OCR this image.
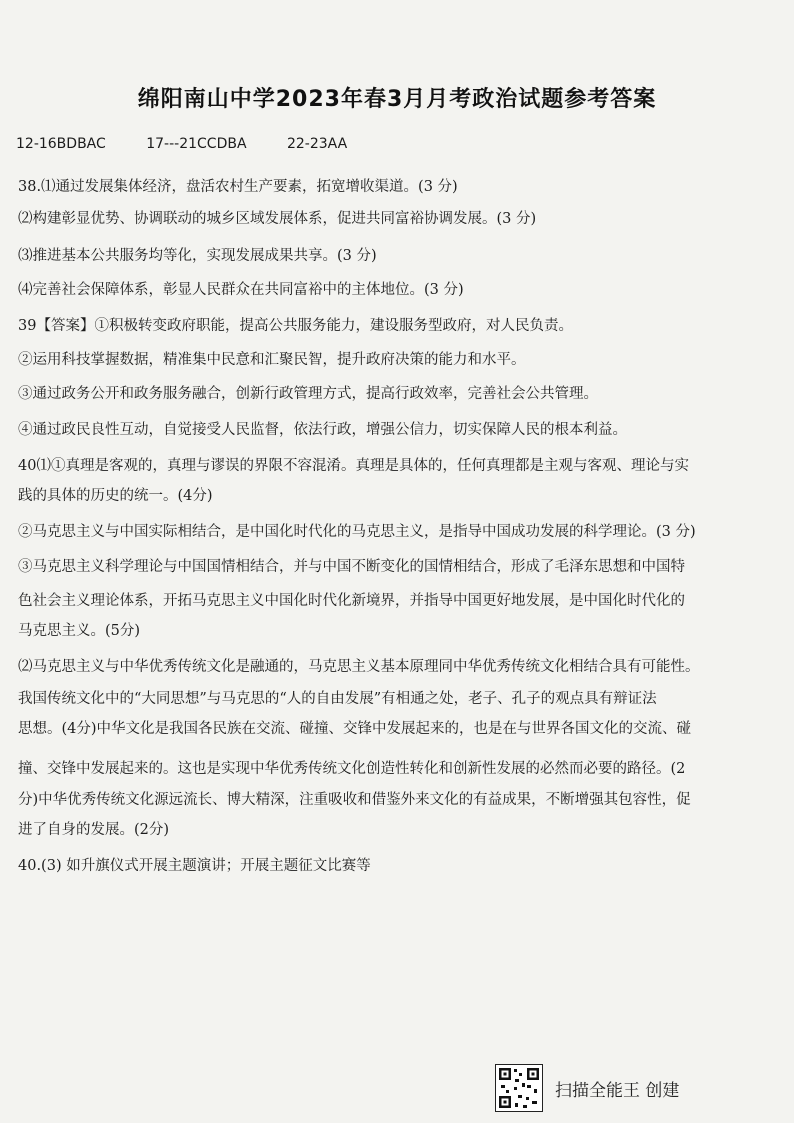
绵阳南山中学2023年春3月月考政治试题参考答案
12-16BDBAC	17---21CCDBA	22-23AA
38.⑴通过发展集体经济，盘活农村生产要素，拓宽增收渠道。(3 分)
⑵构建彰显优势、协调联动的城乡区域发展体系，促进共同富裕协调发展。(3 分)
⑶推进基本公共服务均等化，实现发展成果共享。(3 分)
⑷完善社会保障体系，彰显人民群众在共同富裕中的主体地位。(3 分)
39【答案】①积极转变政府职能，提高公共服务能力，建设服务型政府，对人民负责。
②运用科技掌握数据，精准集中民意和汇聚民智，提升政府决策的能力和水平。
③通过政务公开和政务服务融合，创新行政管理方式，提高行政效率，完善社会公共管理。
④通过政民良性互动，自觉接受人民监督，依法行政，增强公信力，切实保障人民的根本利益。
40⑴①真理是客观的，真理与谬误的界限不容混淆。真理是具体的，任何真理都是主观与客观、理论与实
践的具体的历史的统一。(4分)
②马克思主义与中国实际相结合，是中国化时代化的马克思主义，是指导中国成功发展的科学理论。(3 分)
③马克思主义科学理论与中国国情相结合，并与中国不断变化的国情相结合，形成了毛泽东思想和中国特
色社会主义理论体系，开拓马克思主义中国化时代化新境界，并指导中国更好地发展，是中国化时代化的
马克思主义。(5分)
⑵马克思主义与中华优秀传统文化是融通的，马克思主义基本原理同中华优秀传统文化相结合具有可能性。
我国传统文化中的“大同思想”与马克思的“人的自由发展”有相通之处，老子、孔子的观点具有辩证法
思想。(4分)中华文化是我国各民族在交流、碰撞、交锋中发展起来的，也是在与世界各国文化的交流、碰
撞、交锋中发展起来的。这也是实现中华优秀传统文化创造性转化和创新性发展的必然而必要的路径。(2
分)中华优秀传统文化源远流长、博大精深，注重吸收和借鉴外来文化的有益成果，不断增强其包容性，促
进了自身的发展。(2分)
40.(3) 如升旗仪式开展主题演讲；开展主题征文比赛等
扫描全能王 创建
